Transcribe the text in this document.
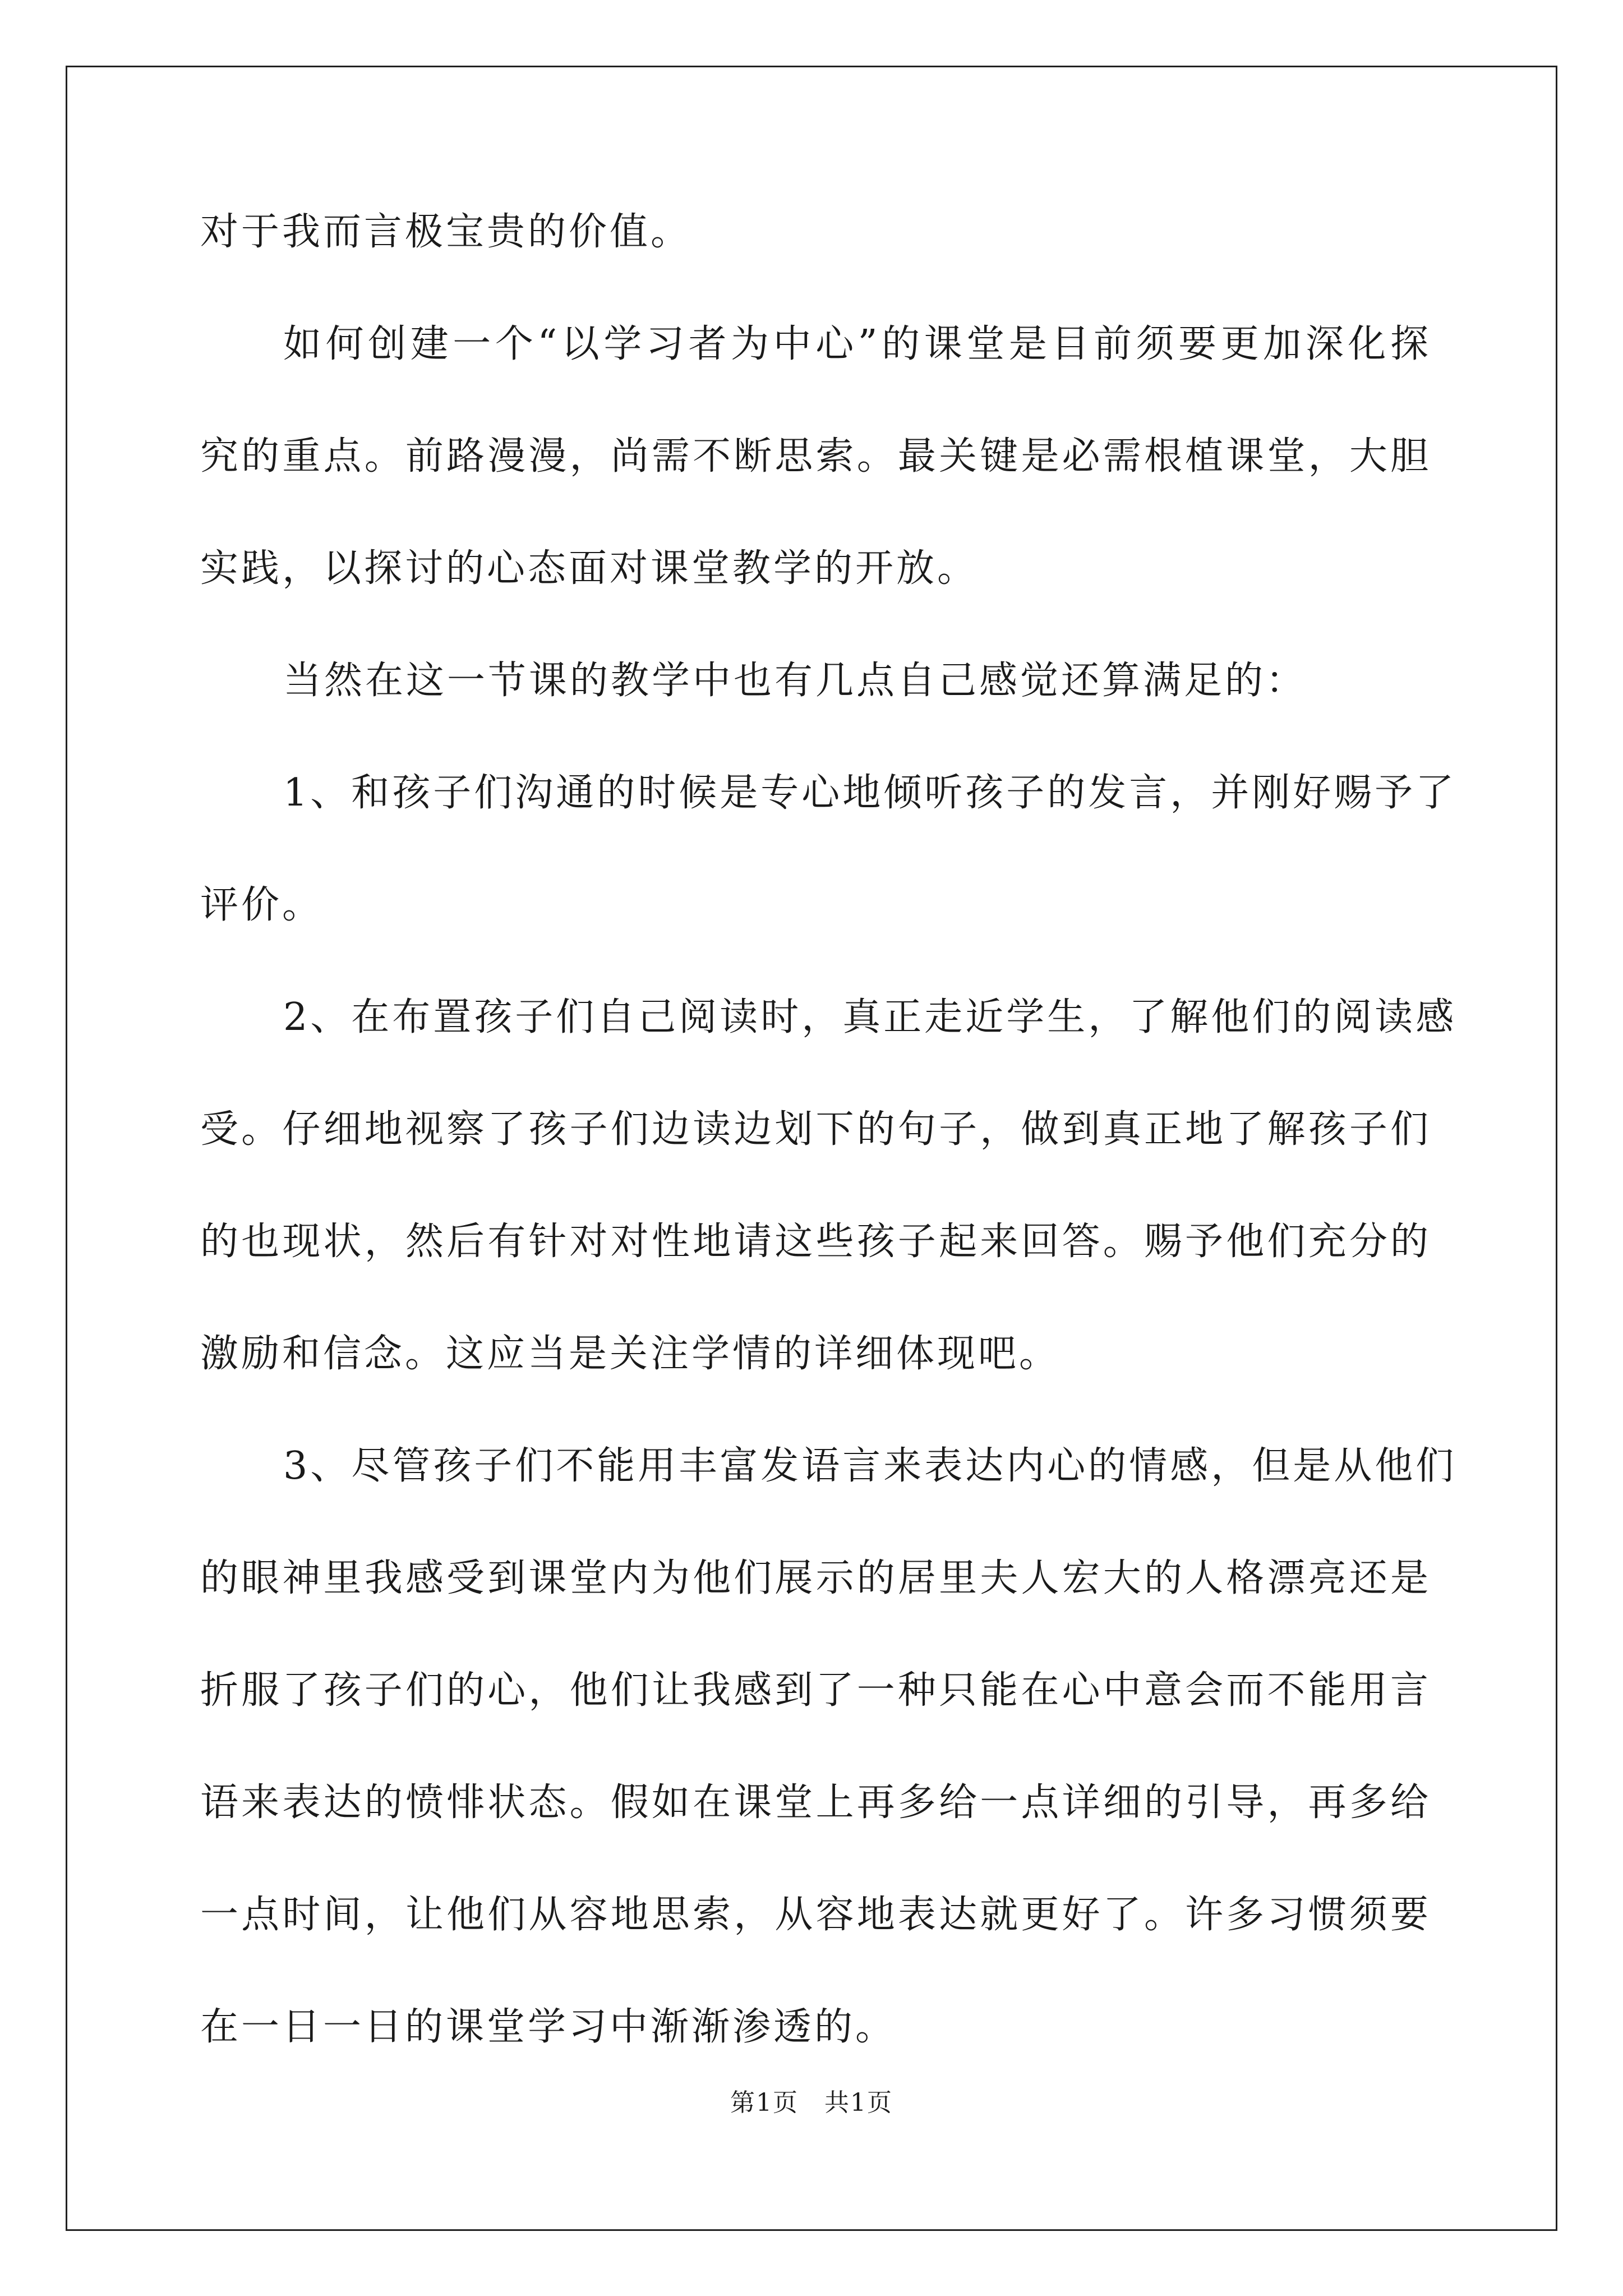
对于我而言极宝贵的价值。
如何创建一个“以学习者为中心”的课堂是目前须要更加深化探
究的重点。前路漫漫，尚需不断思索。最关键是必需根植课堂，大胆
实践，以探讨的心态面对课堂教学的开放。
当然在这一节课的教学中也有几点自己感觉还算满足的：
1、和孩子们沟通的时候是专心地倾听孩子的发言，并刚好赐予了
评价。
2、在布置孩子们自己阅读时，真正走近学生，了解他们的阅读感
受。仔细地视察了孩子们边读边划下的句子，做到真正地了解孩子们
的也现状，然后有针对对性地请这些孩子起来回答。赐予他们充分的
激励和信念。这应当是关注学情的详细体现吧。
3、尽管孩子们不能用丰富发语言来表达内心的情感，但是从他们
的眼神里我感受到课堂内为他们展示的居里夫人宏大的人格漂亮还是
折服了孩子们的心，他们让我感到了一种只能在心中意会而不能用言
语来表达的愤悱状态。假如在课堂上再多给一点详细的引导，再多给
一点时间，让他们从容地思索，从容地表达就更好了。许多习惯须要
在一日一日的课堂学习中渐渐渗透的。
第1页　共1页
